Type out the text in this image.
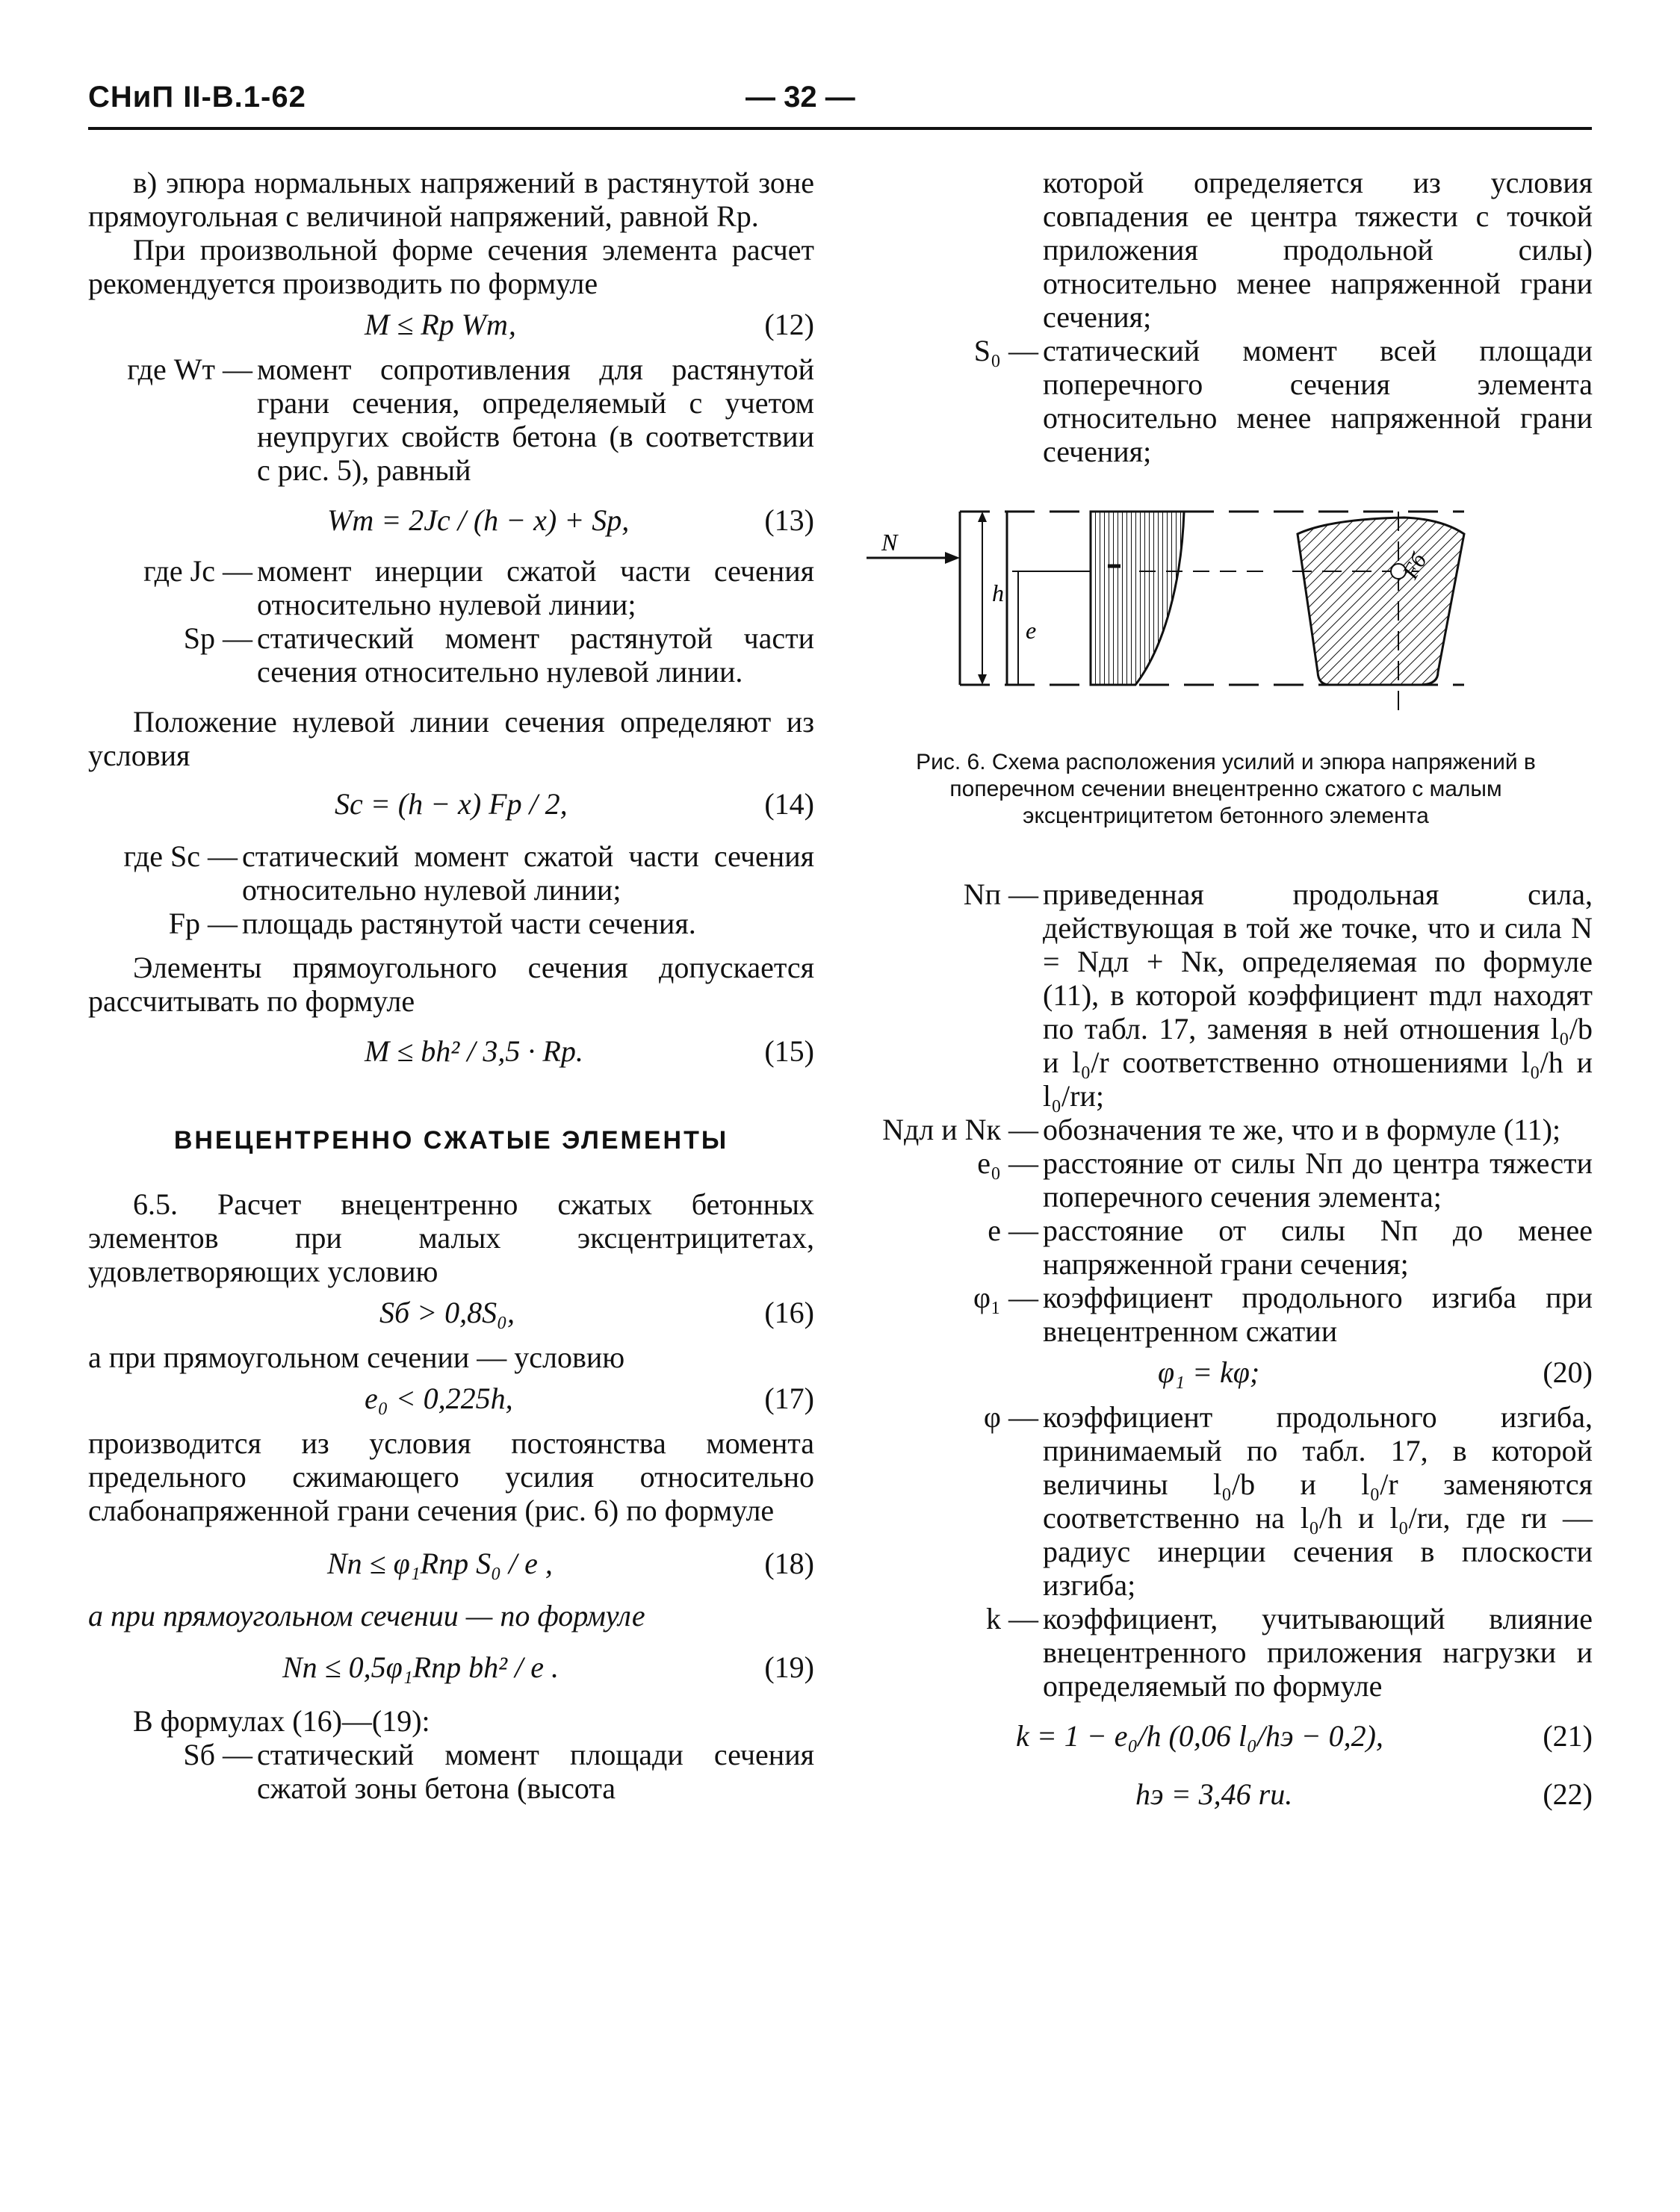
СНиП II-В.1-62	— 32 —

в) эпюра нормальных напряжений в растянутой зоне прямоугольная с величиной напряжений, равной Rр.

При произвольной форме сечения элемента расчет рекомендуется производить по формуле

M ≤ Rр Wт,	(12)
где Wт — момент сопротивления для растянутой грани сечения, определяемый с учетом неупругих свойств бетона (в соответствии с рис. 5), равный
Wт = 2Jс / (h − x) + Sр,	(13)
где Jс — момент инерции сжатой части сечения относительно нулевой линии;
Sр — статический момент растянутой части сечения относительно нулевой линии.

Положение нулевой линии сечения определяют из условия

Sс = (h − x) Fр / 2,	(14)
где Sс — статический момент сжатой части сечения относительно нулевой линии;
Fр — площадь растянутой части сечения.

Элементы прямоугольного сечения допускается рассчитывать по формуле

M ≤ bh² / 3,5 · Rр.	(15)
ВНЕЦЕНТРЕННО СЖАТЫЕ ЭЛЕМЕНТЫ

6.5. Расчет внецентренно сжатых бетонных элементов при малых эксцентрицитетах, удовлетворяющих условию

Sб > 0,8S₀,	(16)

а при прямоугольном сечении — условию

e₀ < 0,225h,	(17)

производится из условия постоянства момента предельного сжимающего усилия относительно слабонапряженной грани сечения (рис. 6) по формуле

Nп ≤ φ₁Rпр S₀ / e ,	(18)

а при прямоугольном сечении — по формуле

Nп ≤ 0,5φ₁Rпр bh² / e .	(19)

В формулах (16)—(19):

Sб — статический момент площади сечения сжатой зоны бетона (высота
которой определяется из условия совпадения ее центра тяжести с точкой приложения продольной силы) относительно менее напряженной грани сечения;
S₀ — статический момент всей площади поперечного сечения элемента относительно менее напряженной грани сечения;
N
h
e
Fб
Рис. 6. Схема расположения усилий и эпюра напряжений в поперечном сечении внецентренно сжатого с малым эксцентрицитетом бетонного элемента
Nп — приведенная продольная сила, действующая в той же точке, что и сила N = Nдл + Nк, определяемая по формуле (11), в которой коэффициент mдл находят по табл. 17, заменяя в ней отношения l₀/b и l₀/r соответственно отношениями l₀/h и l₀/rи;
Nдл и Nк — обозначения те же, что и в формуле (11);
e₀ — расстояние от силы Nп до центра тяжести поперечного сечения элемента;
e — расстояние от силы Nп до менее напряженной грани сечения;
φ₁ — коэффициент продольного изгиба при внецентренном сжатии
φ₁ = kφ;	(20)
φ — коэффициент продольного изгиба, принимаемый по табл. 17, в которой величины l₀/b и l₀/r заменяются соответственно на l₀/h и l₀/rи, где rи — радиус инерции сечения в плоскости изгиба;
k — коэффициент, учитывающий влияние внецентренного приложения нагрузки и определяемый по формуле
k = 1 − e₀/h (0,06 l₀/hэ − 0,2),	(21)
hэ = 3,46 rи.	(22)
